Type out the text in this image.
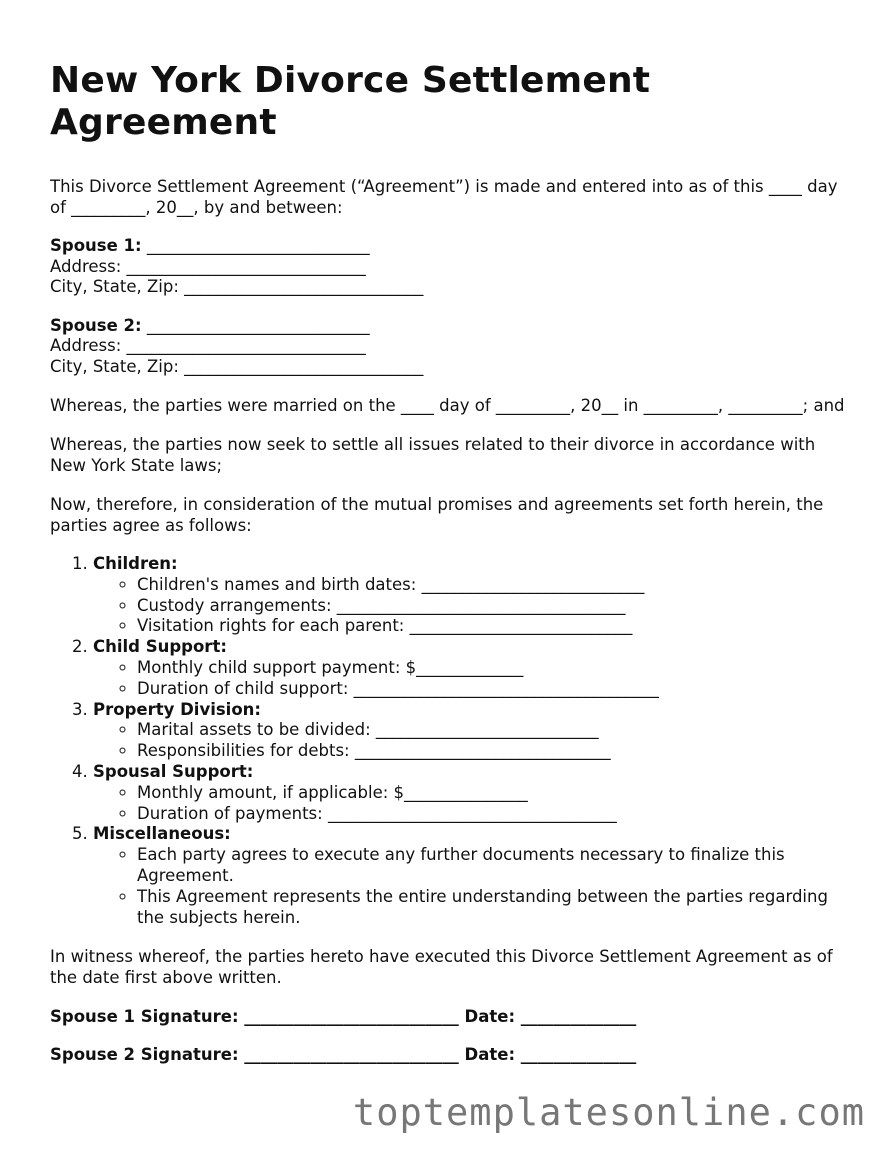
New York Divorce Settlement Agreement

This Divorce Settlement Agreement (“Agreement”) is made and entered into as of this ____ day of _________, 20__, by and between:

Spouse 1: ___________________________
Address: _____________________________
City, State, Zip: _____________________________
Spouse 2: ___________________________
Address: _____________________________
City, State, Zip: _____________________________

Whereas, the parties were married on the ____ day of _________, 20__ in _________, _________; and

Whereas, the parties now seek to settle all issues related to their divorce in accordance with New York State laws;

Now, therefore, in consideration of the mutual promises and agreements set forth herein, the parties agree as follows:

1. Children:
◦ Children's names and birth dates: ___________________________
◦ Custody arrangements: ___________________________________
◦ Visitation rights for each parent: ___________________________
2. Child Support:
◦ Monthly child support payment: $_____________
◦ Duration of child support: _____________________________________
3. Property Division:
◦ Marital assets to be divided: ___________________________
◦ Responsibilities for debts: _______________________________
4. Spousal Support:
◦ Monthly amount, if applicable: $_______________
◦ Duration of payments: ___________________________________
5. Miscellaneous:
◦ Each party agrees to execute any further documents necessary to finalize this Agreement.
◦ This Agreement represents the entire understanding between the parties regarding the subjects herein.

In witness whereof, the parties hereto have executed this Divorce Settlement Agreement as of the date first above written.

Spouse 1 Signature: __________________________ Date: ______________
Spouse 2 Signature: __________________________ Date: ______________
toptemplatesonline.com
